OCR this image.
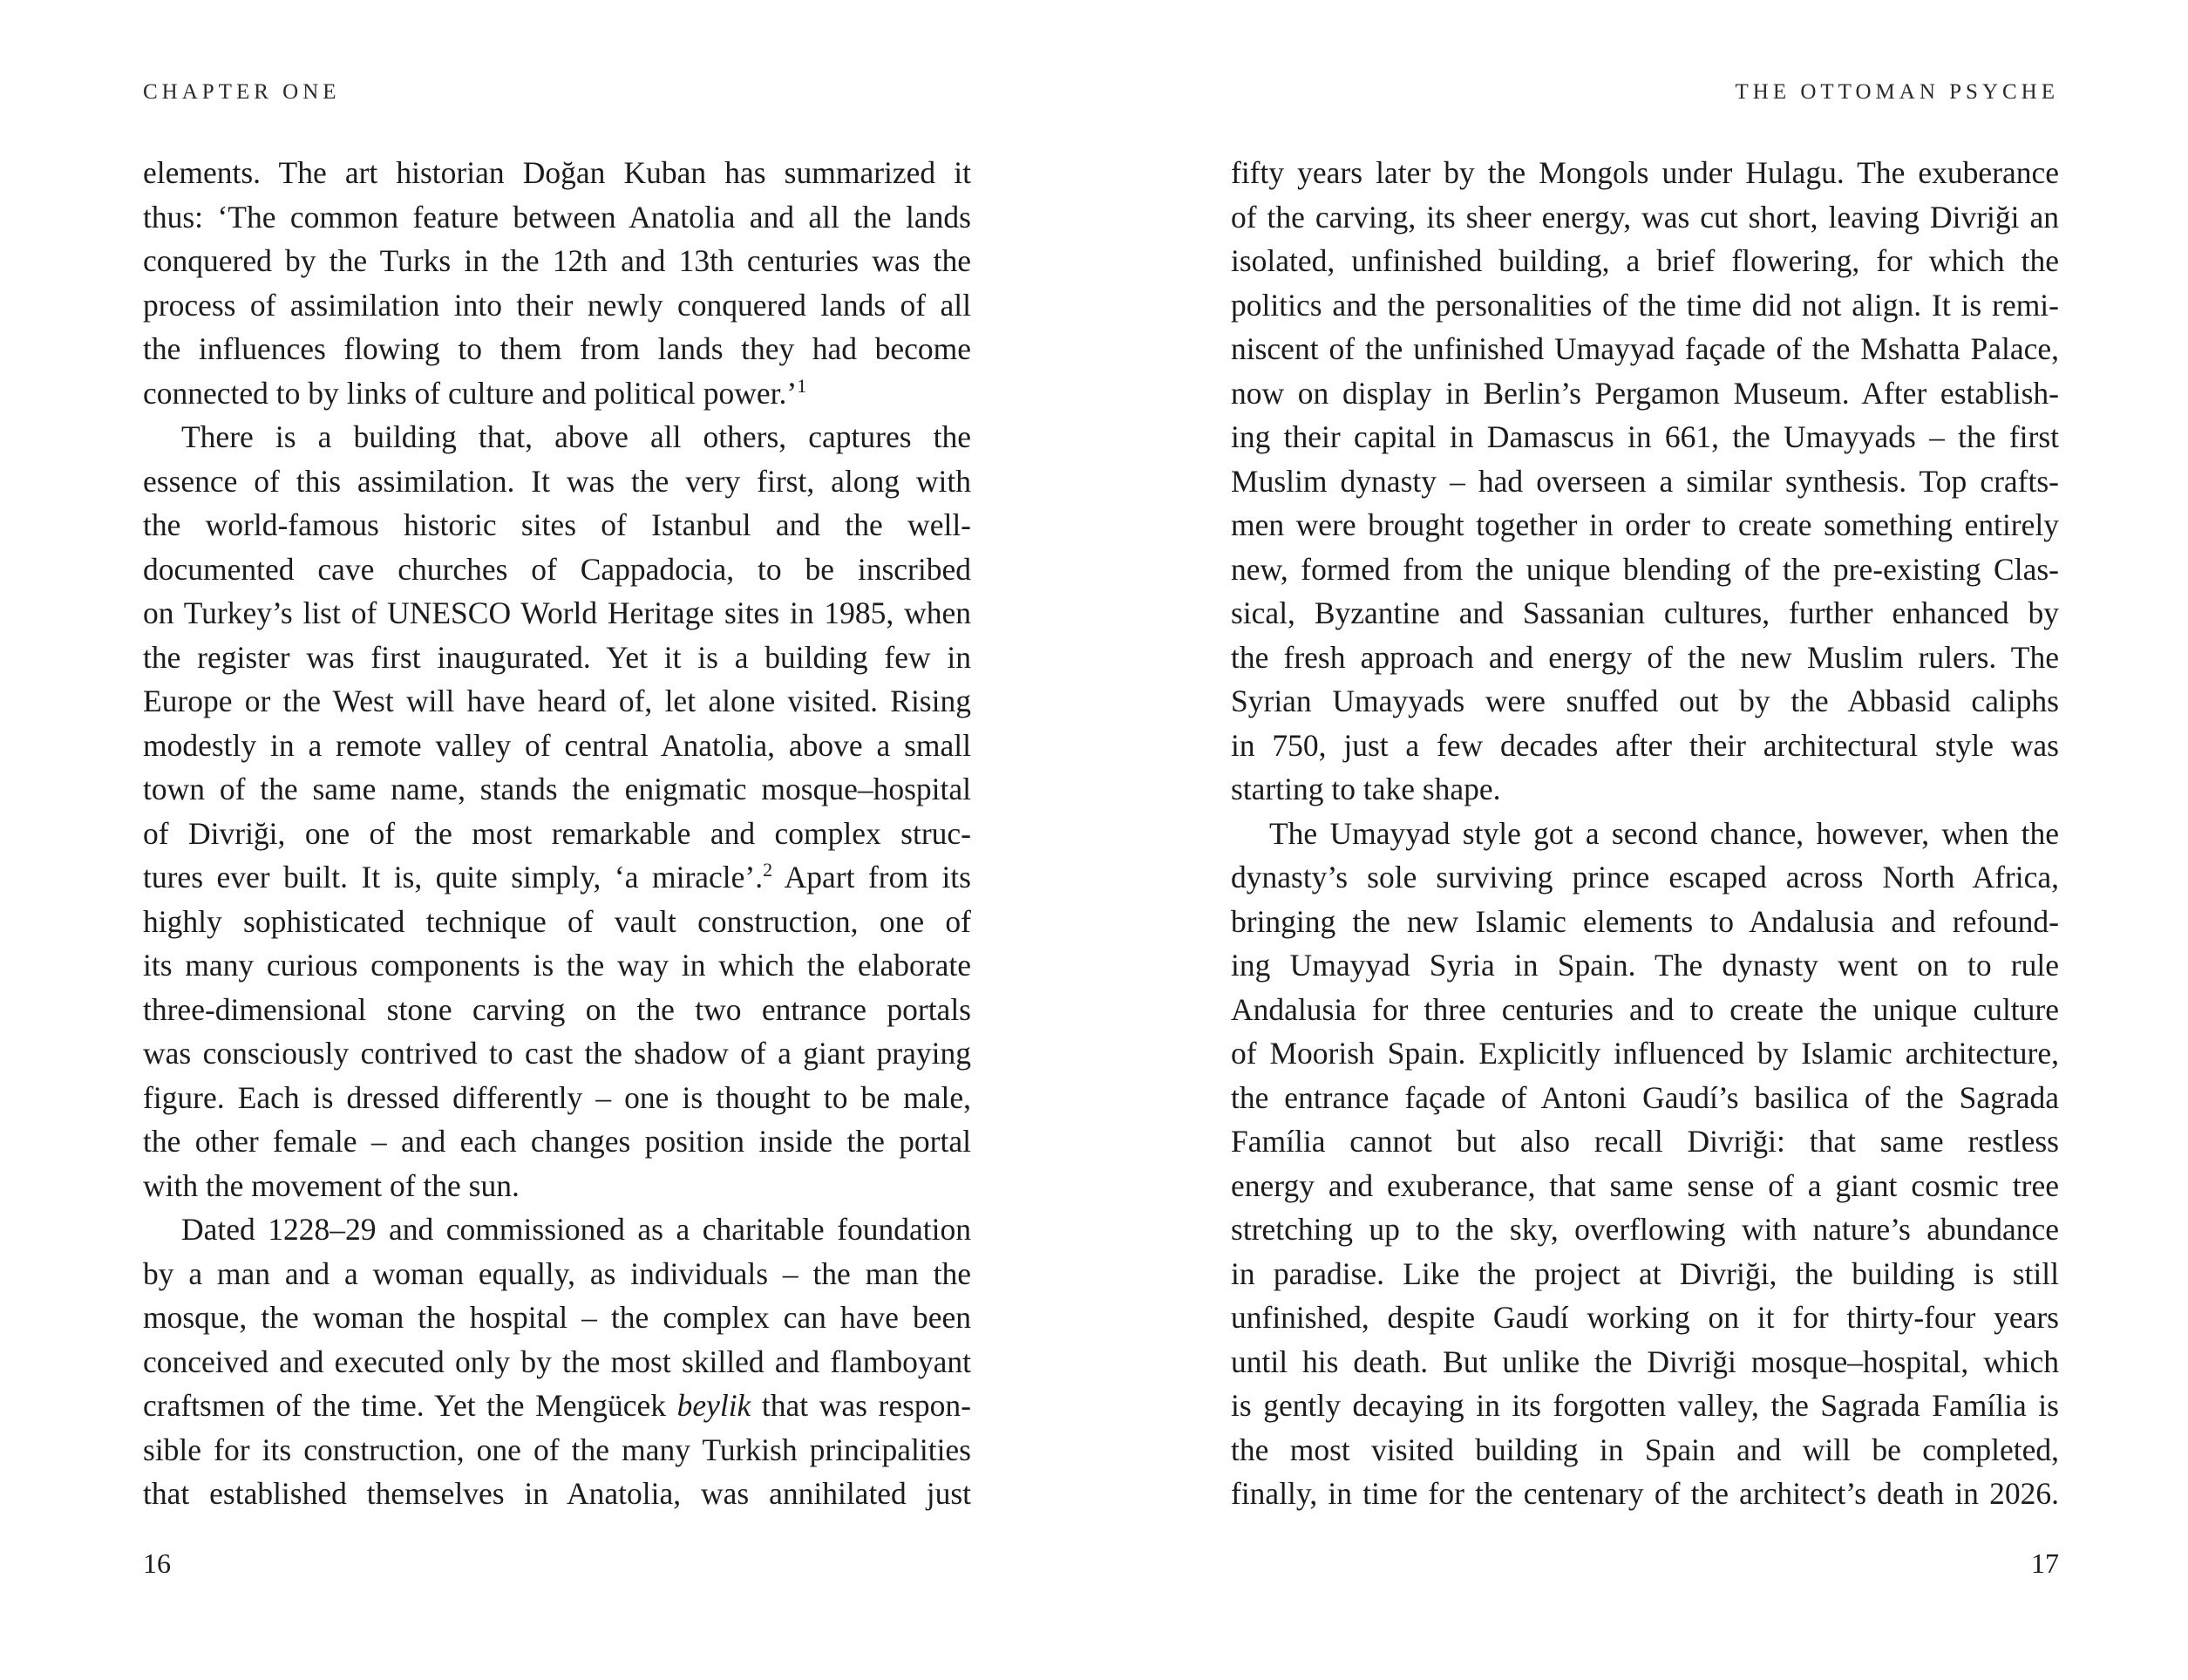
CHAPTER ONE
elements. The art historian Doğan Kuban has summarized it
thus: ‘The common feature between Anatolia and all the lands
conquered by the Turks in the 12th and 13th centuries was the
process of assimilation into their newly conquered lands of all
the influences flowing to them from lands they had become
connected to by links of culture and political power.’$^1$
There is a building that, above all others, captures the
essence of this assimilation. It was the very first, along with
the world-famous historic sites of Istanbul and the well-
documented cave churches of Cappadocia, to be inscribed
on Turkey’s list of UNESCO World Heritage sites in 1985, when
the register was first inaugurated. Yet it is a building few in
Europe or the West will have heard of, let alone visited. Rising
modestly in a remote valley of central Anatolia, above a small
town of the same name, stands the enigmatic mosque–hospital
of Divriği, one of the most remarkable and complex struc-
tures ever built. It is, quite simply, ‘a miracle’.$^2$ Apart from its
highly sophisticated technique of vault construction, one of
its many curious components is the way in which the elaborate
three-dimensional stone carving on the two entrance portals
was consciously contrived to cast the shadow of a giant praying
figure. Each is dressed differently – one is thought to be male,
the other female – and each changes position inside the portal
with the movement of the sun.
Dated 1228–29 and commissioned as a charitable foundation
by a man and a woman equally, as individuals – the man the
mosque, the woman the hospital – the complex can have been
conceived and executed only by the most skilled and flamboyant
craftsmen of the time. Yet the Mengücek beylik that was respon-
sible for its construction, one of the many Turkish principalities
that established themselves in Anatolia, was annihilated just
16
THE OTTOMAN PSYCHE
fifty years later by the Mongols under Hulagu. The exuberance
of the carving, its sheer energy, was cut short, leaving Divriği an
isolated, unfinished building, a brief flowering, for which the
politics and the personalities of the time did not align. It is remi-
niscent of the unfinished Umayyad façade of the Mshatta Palace,
now on display in Berlin’s Pergamon Museum. After establish-
ing their capital in Damascus in 661, the Umayyads – the first
Muslim dynasty – had overseen a similar synthesis. Top crafts-
men were brought together in order to create something entirely
new, formed from the unique blending of the pre-existing Clas-
sical, Byzantine and Sassanian cultures, further enhanced by
the fresh approach and energy of the new Muslim rulers. The
Syrian Umayyads were snuffed out by the Abbasid caliphs
in 750, just a few decades after their architectural style was
starting to take shape.
The Umayyad style got a second chance, however, when the
dynasty’s sole surviving prince escaped across North Africa,
bringing the new Islamic elements to Andalusia and refound-
ing Umayyad Syria in Spain. The dynasty went on to rule
Andalusia for three centuries and to create the unique culture
of Moorish Spain. Explicitly influenced by Islamic architecture,
the entrance façade of Antoni Gaudí’s basilica of the Sagrada
Família cannot but also recall Divriği: that same restless
energy and exuberance, that same sense of a giant cosmic tree
stretching up to the sky, overflowing with nature’s abundance
in paradise. Like the project at Divriği, the building is still
unfinished, despite Gaudí working on it for thirty-four years
until his death. But unlike the Divriği mosque–hospital, which
is gently decaying in its forgotten valley, the Sagrada Família is
the most visited building in Spain and will be completed,
finally, in time for the centenary of the architect’s death in 2026.
17
